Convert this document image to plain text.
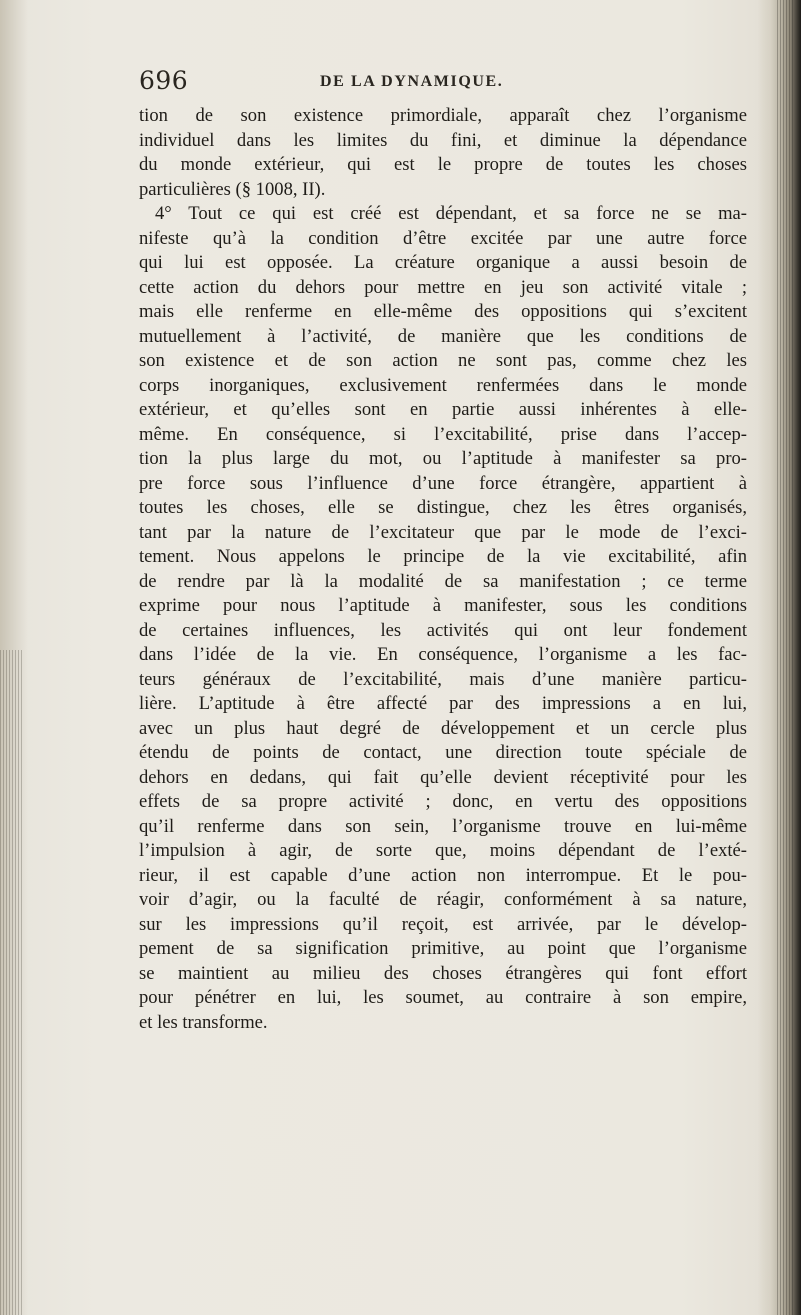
696	DE LA DYNAMIQUE.
tion de son existence primordiale, apparaît chez l’organisme
individuel dans les limites du fini, et diminue la dépendance
du monde extérieur, qui est le propre de toutes les choses
particulières (§ 1008, II).
4° Tout ce qui est créé est dépendant, et sa force ne se ma-
nifeste qu’à la condition d’être excitée par une autre force
qui lui est opposée. La créature organique a aussi besoin de
cette action du dehors pour mettre en jeu son activité vitale ;
mais elle renferme en elle-même des oppositions qui s’excitent
mutuellement à l’activité, de manière que les conditions de
son existence et de son action ne sont pas, comme chez les
corps inorganiques, exclusivement renfermées dans le monde
extérieur, et qu’elles sont en partie aussi inhérentes à elle-
même. En conséquence, si l’excitabilité, prise dans l’accep-
tion la plus large du mot, ou l’aptitude à manifester sa pro-
pre force sous l’influence d’une force étrangère, appartient à
toutes les choses, elle se distingue, chez les êtres organisés,
tant par la nature de l’excitateur que par le mode de l’exci-
tement. Nous appelons le principe de la vie excitabilité, afin
de rendre par là la modalité de sa manifestation ; ce terme
exprime pour nous l’aptitude à manifester, sous les conditions
de certaines influences, les activités qui ont leur fondement
dans l’idée de la vie. En conséquence, l’organisme a les fac-
teurs généraux de l’excitabilité, mais d’une manière particu-
lière. L’aptitude à être affecté par des impressions a en lui,
avec un plus haut degré de développement et un cercle plus
étendu de points de contact, une direction toute spéciale de
dehors en dedans, qui fait qu’elle devient réceptivité pour les
effets de sa propre activité ; donc, en vertu des oppositions
qu’il renferme dans son sein, l’organisme trouve en lui-même
l’impulsion à agir, de sorte que, moins dépendant de l’exté-
rieur, il est capable d’une action non interrompue. Et le pou-
voir d’agir, ou la faculté de réagir, conformément à sa nature,
sur les impressions qu’il reçoit, est arrivée, par le dévelop-
pement de sa signification primitive, au point que l’organisme
se maintient au milieu des choses étrangères qui font effort
pour pénétrer en lui, les soumet, au contraire à son empire,
et les transforme.
